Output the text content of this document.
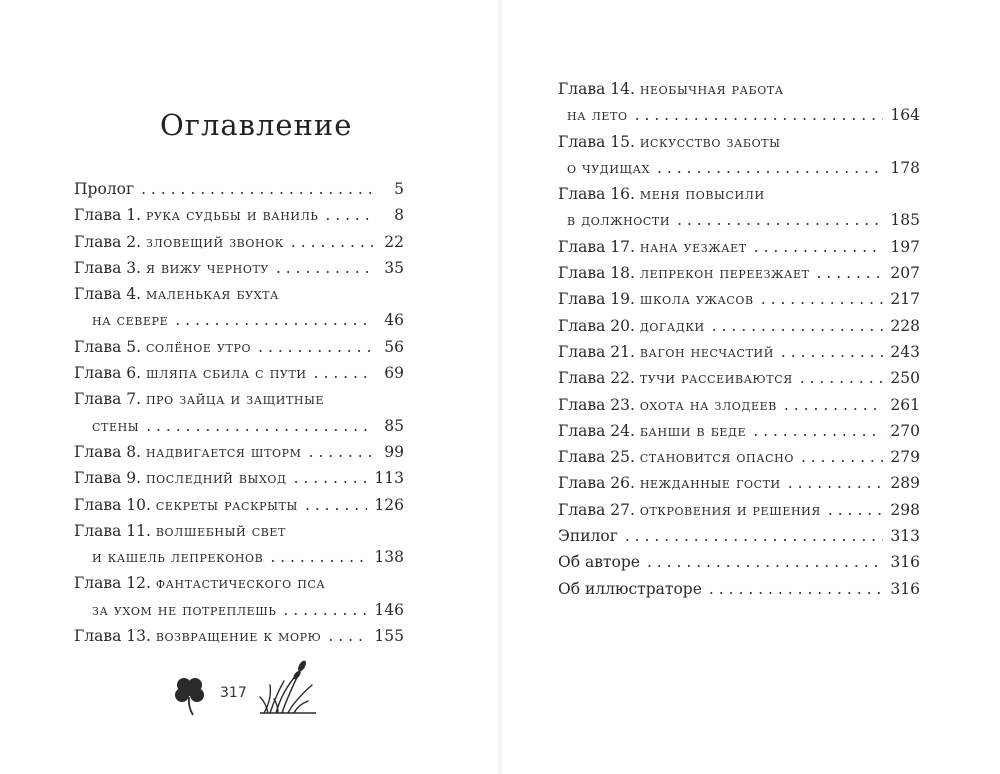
Оглавление
Пролог . . .	5
Глава 1. рука судьбы и ваниль . . .	8
Глава 2. зловещий звонок . . .	22
Глава 3. я вижу черноту . . .	35
Глава 4. маленькая бухта
на севере . . .	46
Глава 5. солёное утро . . .	56
Глава 6. шляпа сбила с пути . . .	69
Глава 7. про зайца и защитные
стены . . .	85
Глава 8. надвигается шторм . . .	99
Глава 9. последний выход . . .	113
Глава 10. секреты раскрыты . . .	126
Глава 11. волшебный свет
и кашель лепреконов . . .	138
Глава 12. фантастического пса
за ухом не потреплешь . . .	146
Глава 13. возвращение к морю . . .	155
317
Глава 14. необычная работа
на лето . . .	164
Глава 15. искусство заботы
о чудищах . . .	178
Глава 16. меня повысили
в должности . . .	185
Глава 17. нана уезжает . . .	197
Глава 18. лепрекон переезжает . . .	207
Глава 19. школа ужасов . . .	217
Глава 20. догадки . . .	228
Глава 21. вагон несчастий . . .	243
Глава 22. тучи рассеиваются . . .	250
Глава 23. охота на злодеев . . .	261
Глава 24. банши в беде . . .	270
Глава 25. становится опасно . . .	279
Глава 26. нежданные гости . . .	289
Глава 27. откровения и решения . . .	298
Эпилог . . .	313
Об авторе . . .	316
Об иллюстраторе . . .	316
